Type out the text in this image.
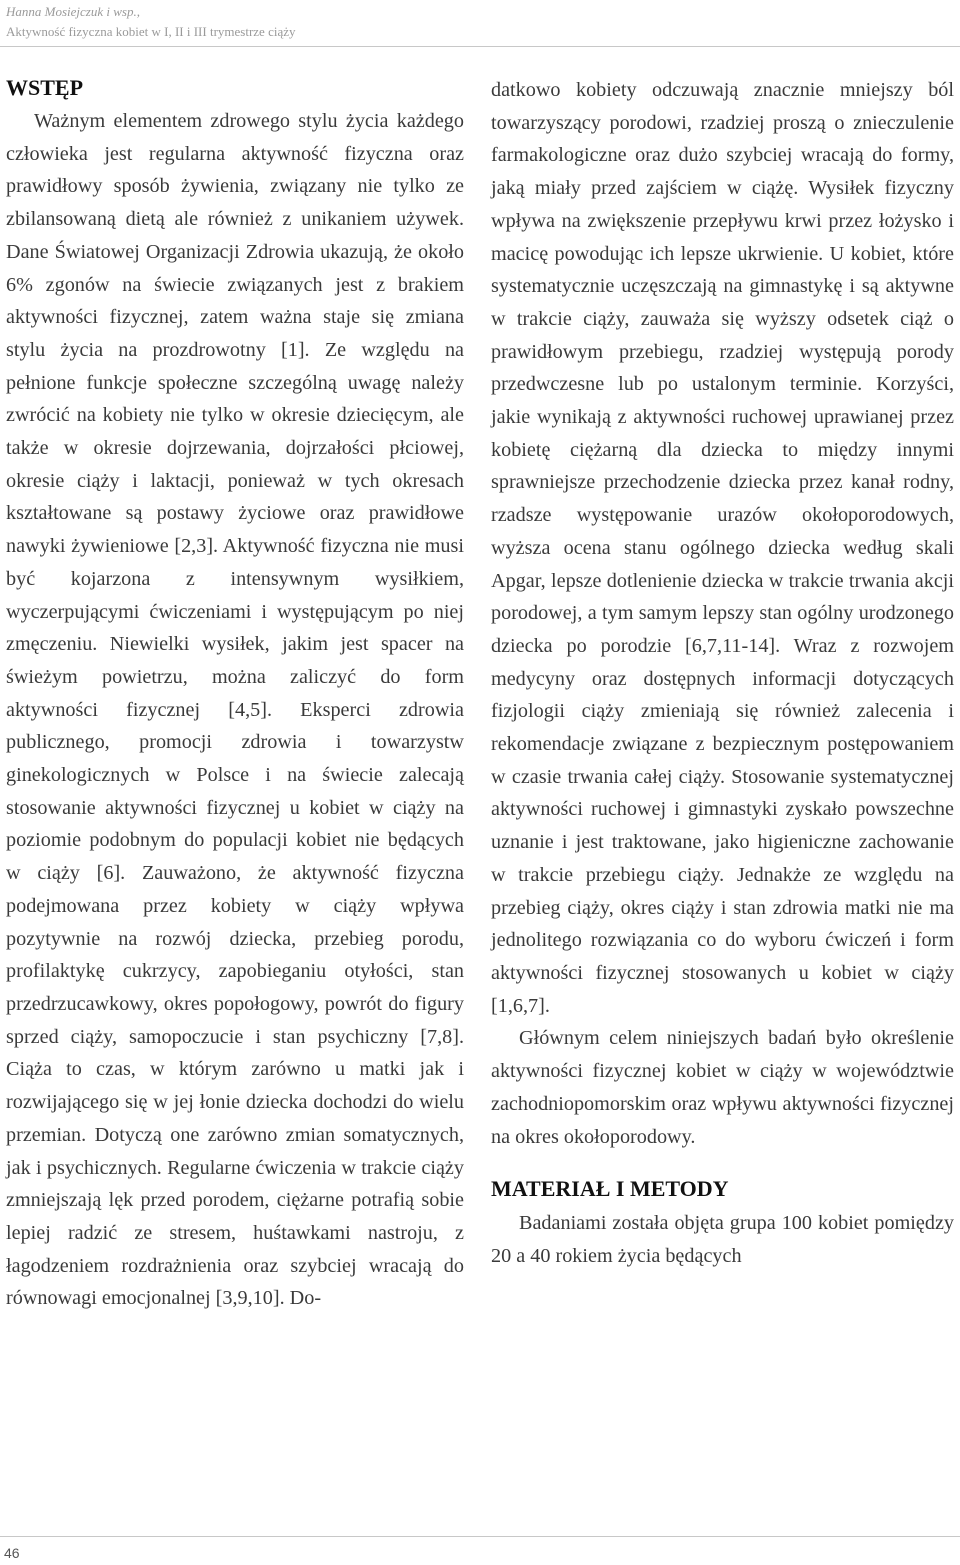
Hanna Mosiejczuk i wsp.,
Aktywność fizyczna kobiet w I, II i III trymestrze ciąży
WSTĘP

Ważnym elementem zdrowego stylu życia każdego człowieka jest regularna aktywność fizyczna oraz prawidłowy sposób żywienia, związany nie tylko ze zbilansowaną dietą ale również z unikaniem używek. Dane Światowej Organizacji Zdrowia ukazują, że około 6% zgonów na świecie związanych jest z brakiem aktywności fizycznej, zatem ważna staje się zmiana stylu życia na prozdrowotny [1]. Ze względu na pełnione funkcje społeczne szczególną uwagę należy zwrócić na kobiety nie tylko w okresie dziecięcym, ale także w okresie dojrzewania, dojrzałości płciowej, okresie ciąży i laktacji, ponieważ w tych okresach kształtowane są postawy życiowe oraz prawidłowe nawyki żywieniowe [2,3]. Aktywność fizyczna nie musi być kojarzona z intensywnym wysiłkiem, wyczerpującymi ćwiczeniami i występującym po niej zmęczeniu. Niewielki wysiłek, jakim jest spacer na świeżym powietrzu, można zaliczyć do form aktywności fizycznej [4,5]. Eksperci zdrowia publicznego, promocji zdrowia i towarzystw ginekologicznych w Polsce i na świecie zalecają stosowanie aktywności fizycznej u kobiet w ciąży na poziomie podobnym do populacji kobiet nie będących w ciąży [6]. Zauważono, że aktywność fizyczna podejmowana przez kobiety w ciąży wpływa pozytywnie na rozwój dziecka, przebieg porodu, profilaktykę cukrzycy, zapobieganiu otyłości, stan przedrzucawkowy, okres popołogowy, powrót do figury sprzed ciąży, samopoczucie i stan psychiczny [7,8]. Ciąża to czas, w którym zarówno u matki jak i rozwijającego się w jej łonie dziecka dochodzi do wielu przemian. Dotyczą one zarówno zmian somatycznych, jak i psychicznych. Regularne ćwiczenia w trakcie ciąży zmniejszają lęk przed porodem, ciężarne potrafią sobie lepiej radzić ze stresem, huśtawkami nastroju, z łagodzeniem rozdrażnienia oraz szybciej wracają do równowagi emocjonalnej [3,9,10]. Do-

datkowo kobiety odczuwają znacznie mniejszy ból towarzyszący porodowi, rzadziej proszą o znieczulenie farmakologiczne oraz dużo szybciej wracają do formy, jaką miały przed zajściem w ciążę. Wysiłek fizyczny wpływa na zwiększenie przepływu krwi przez łożysko i macicę powodując ich lepsze ukrwienie. U kobiet, które systematycznie uczęszczają na gimnastykę i są aktywne w trakcie ciąży, zauważa się wyższy odsetek ciąż o prawidłowym przebiegu, rzadziej występują porody przedwczesne lub po ustalonym terminie. Korzyści, jakie wynikają z aktywności ruchowej uprawianej przez kobietę ciężarną dla dziecka to między innymi sprawniejsze przechodzenie dziecka przez kanał rodny, rzadsze występowanie urazów okołoporodowych, wyższa ocena stanu ogólnego dziecka według skali Apgar, lepsze dotlenienie dziecka w trakcie trwania akcji porodowej, a tym samym lepszy stan ogólny urodzonego dziecka po porodzie [6,7,11-14]. Wraz z rozwojem medycyny oraz dostępnych informacji dotyczących fizjologii ciąży zmieniają się również zalecenia i rekomendacje związane z bezpiecznym postępowaniem w czasie trwania całej ciąży. Stosowanie systematycznej aktywności ruchowej i gimnastyki zyskało powszechne uznanie i jest traktowane, jako higieniczne zachowanie w trakcie przebiegu ciąży. Jednakże ze względu na przebieg ciąży, okres ciąży i stan zdrowia matki nie ma jednolitego rozwiązania co do wyboru ćwiczeń i form aktywności fizycznej stosowanych u kobiet w ciąży [1,6,7].

Głównym celem niniejszych badań było określenie aktywności fizycznej kobiet w ciąży w województwie zachodniopomorskim oraz wpływu aktywności fizycznej na okres okołoporodowy.

MATERIAŁ I METODY

Badaniami została objęta grupa 100 kobiet pomiędzy 20 a 40 rokiem życia będących

46
